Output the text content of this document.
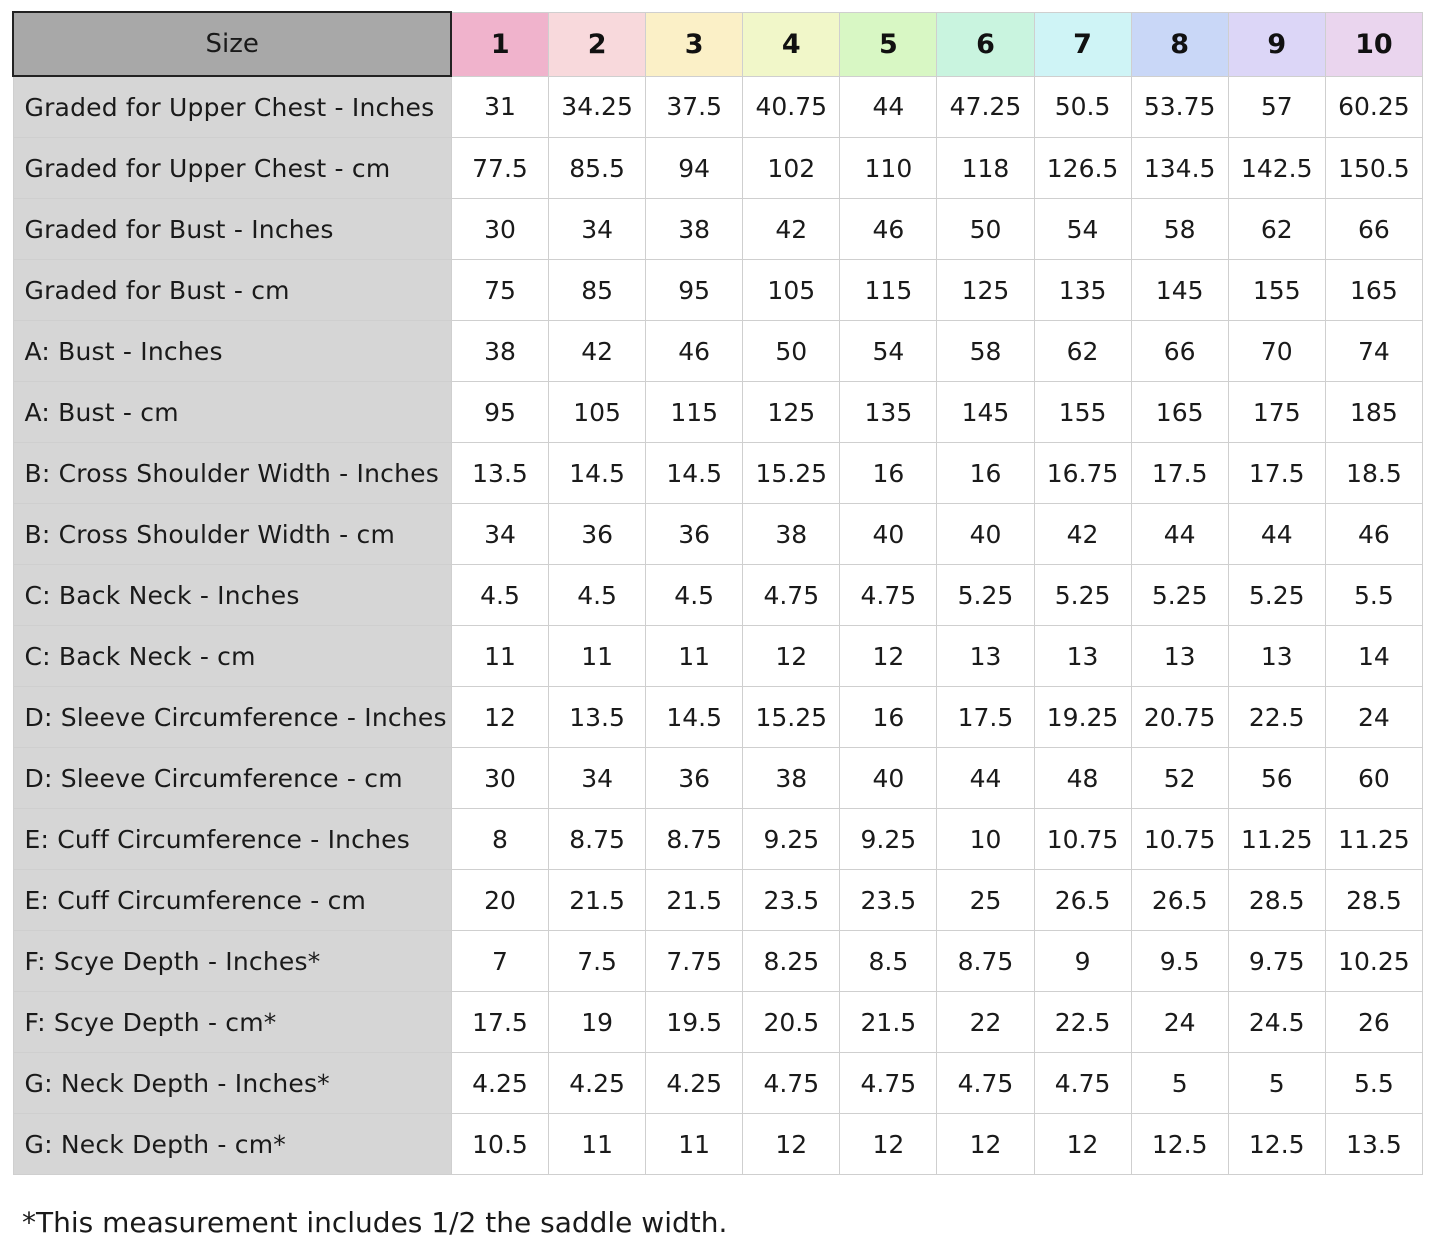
Size	1	2	3	4	5	6	7	8	9	10
Graded for Upper Chest - Inches	31	34.25	37.5	40.75	44	47.25	50.5	53.75	57	60.25
Graded for Upper Chest - cm	77.5	85.5	94	102	110	118	126.5	134.5	142.5	150.5
Graded for Bust - Inches	30	34	38	42	46	50	54	58	62	66
Graded for Bust - cm	75	85	95	105	115	125	135	145	155	165
A: Bust - Inches	38	42	46	50	54	58	62	66	70	74
A: Bust - cm	95	105	115	125	135	145	155	165	175	185
B: Cross Shoulder Width - Inches	13.5	14.5	14.5	15.25	16	16	16.75	17.5	17.5	18.5
B: Cross Shoulder Width - cm	34	36	36	38	40	40	42	44	44	46
C: Back Neck - Inches	4.5	4.5	4.5	4.75	4.75	5.25	5.25	5.25	5.25	5.5
C: Back Neck - cm	11	11	11	12	12	13	13	13	13	14
D: Sleeve Circumference - Inches	12	13.5	14.5	15.25	16	17.5	19.25	20.75	22.5	24
D: Sleeve Circumference - cm	30	34	36	38	40	44	48	52	56	60
E: Cuff Circumference - Inches	8	8.75	8.75	9.25	9.25	10	10.75	10.75	11.25	11.25
E: Cuff Circumference - cm	20	21.5	21.5	23.5	23.5	25	26.5	26.5	28.5	28.5
F: Scye Depth - Inches*	7	7.5	7.75	8.25	8.5	8.75	9	9.5	9.75	10.25
F: Scye Depth - cm*	17.5	19	19.5	20.5	21.5	22	22.5	24	24.5	26
G: Neck Depth - Inches*	4.25	4.25	4.25	4.75	4.75	4.75	4.75	5	5	5.5
G: Neck Depth - cm*	10.5	11	11	12	12	12	12	12.5	12.5	13.5
*This measurement includes 1/2 the saddle width.
